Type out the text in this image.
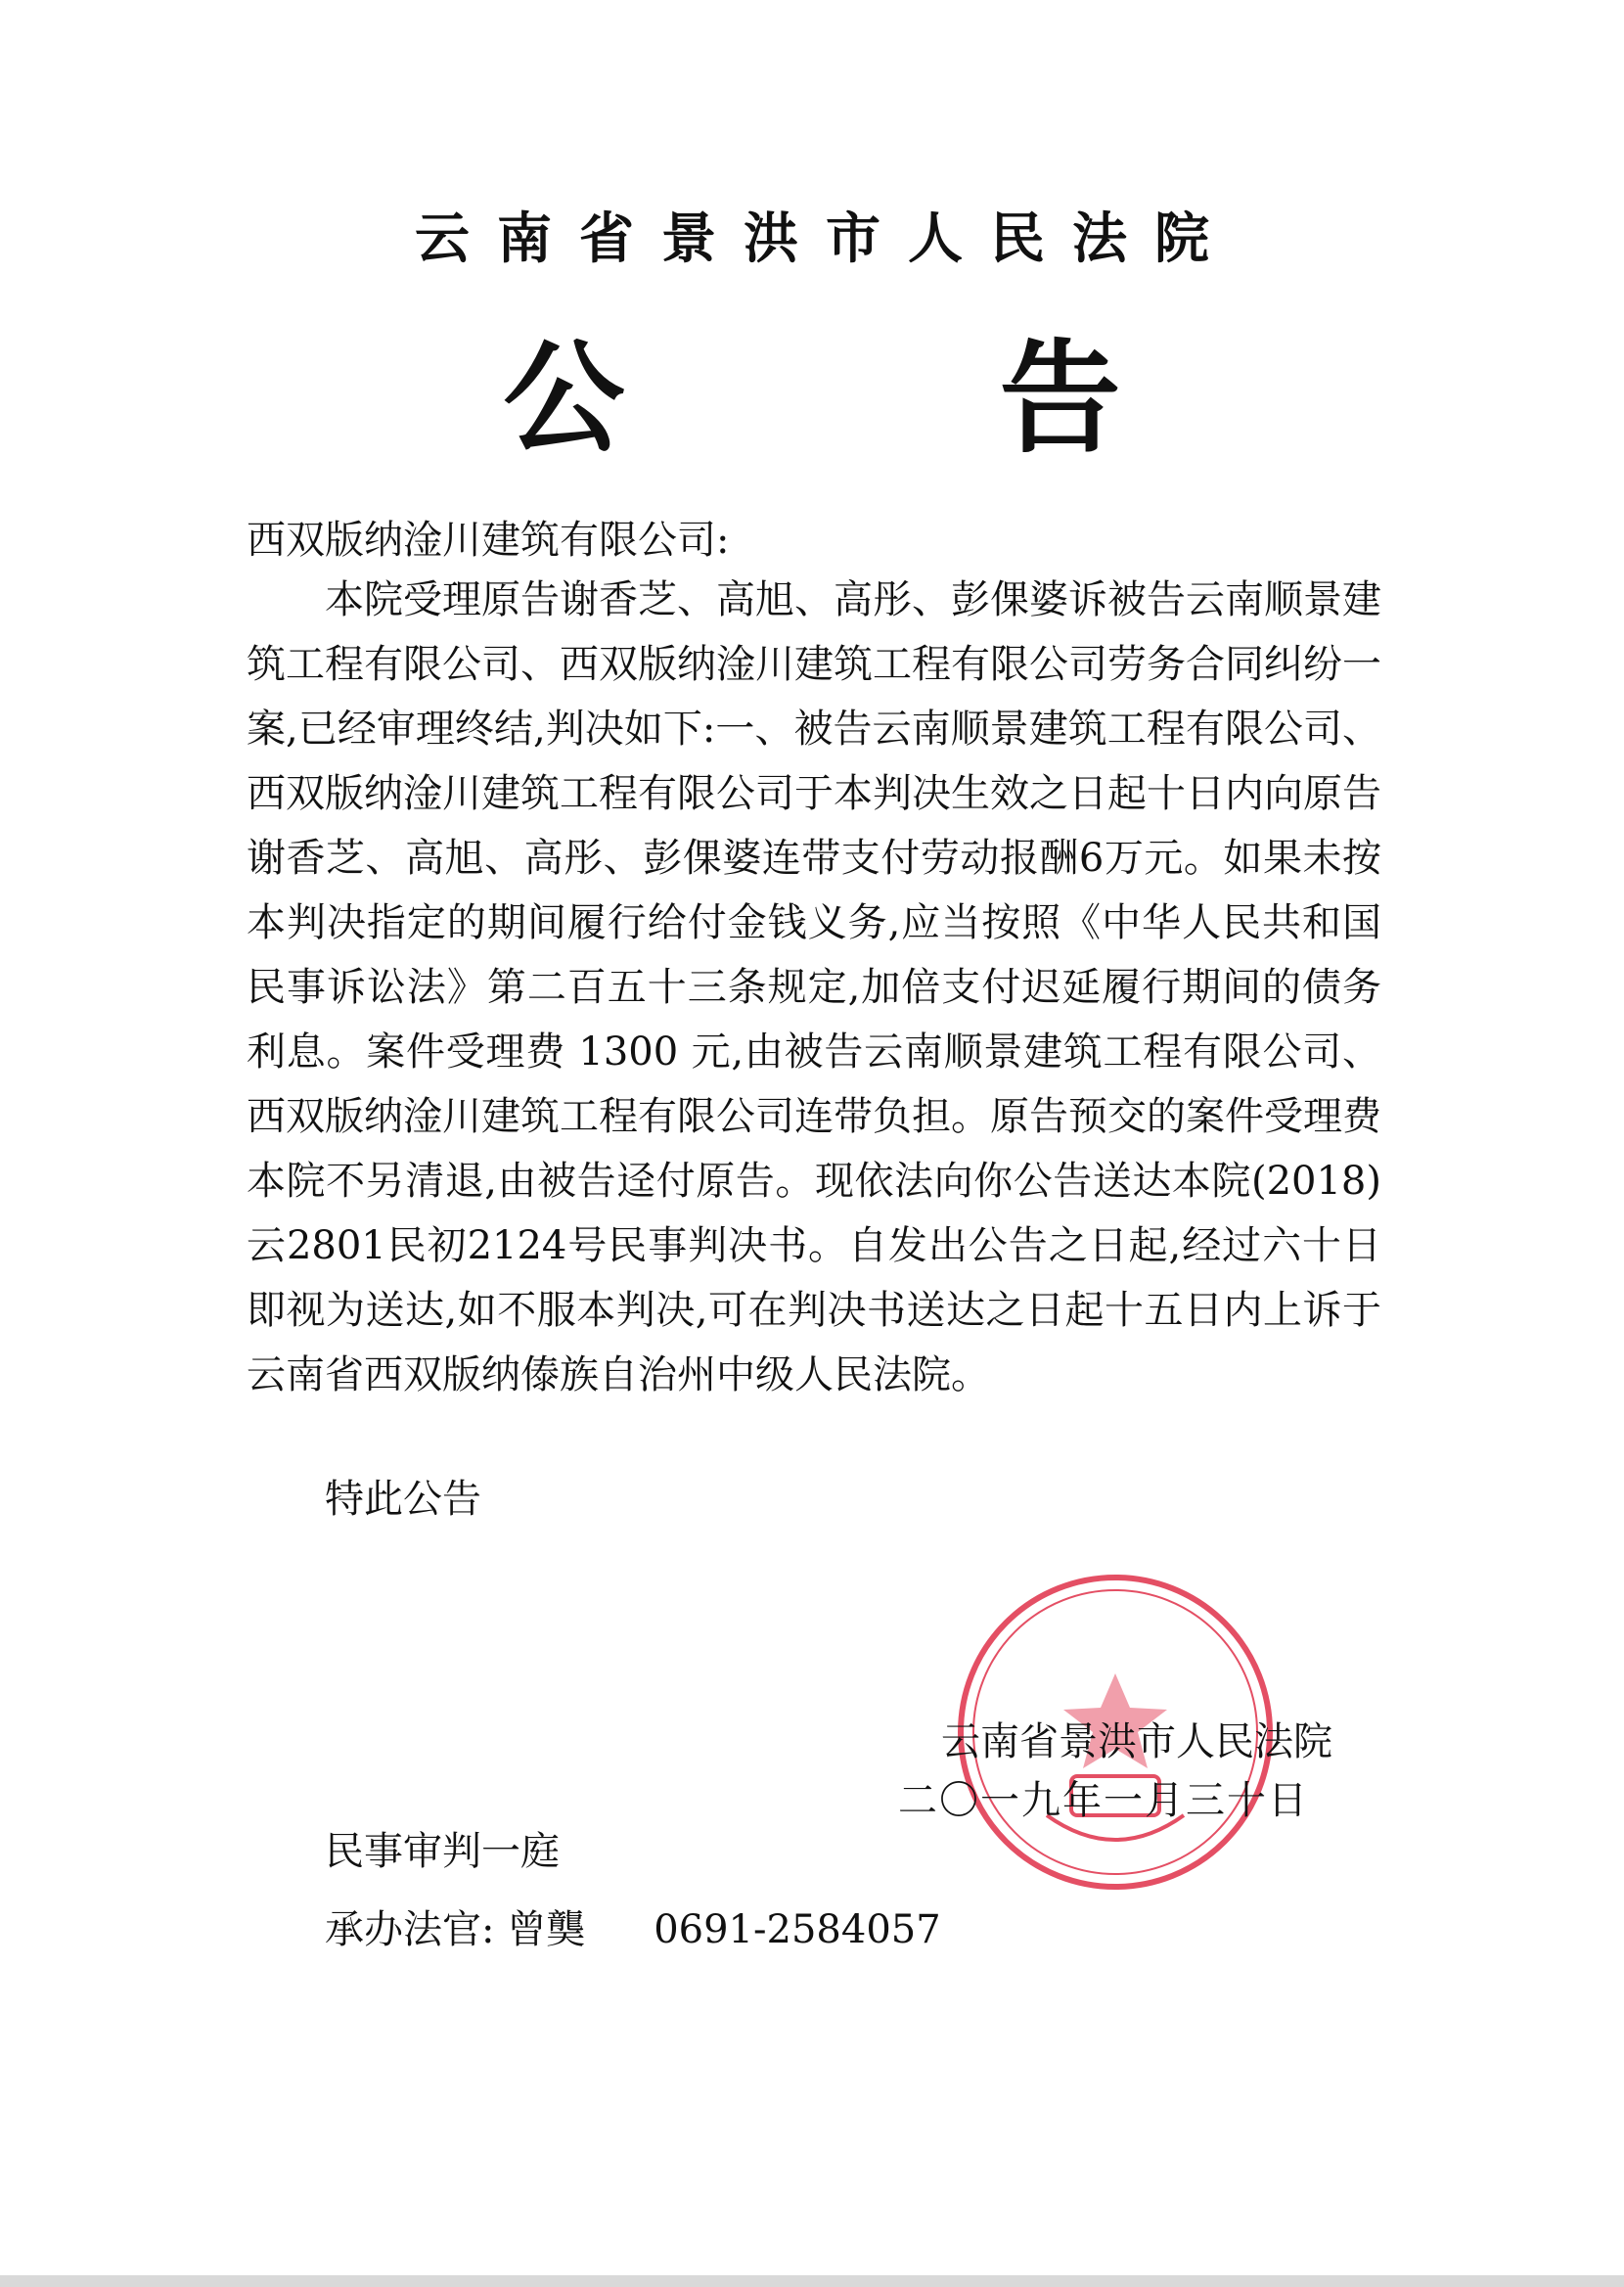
云南省景洪市人民法院
公 告
西双版纳淦川建筑有限公司:

本院受理原告谢香芝、高旭、高彤、彭倮婆诉被告云南顺景建筑工程有限公司、西双版纳淦川建筑工程有限公司劳务合同纠纷一案,已经审理终结,判决如下:一、被告云南顺景建筑工程有限公司、西双版纳淦川建筑工程有限公司于本判决生效之日起十日内向原告谢香芝、高旭、高彤、彭倮婆连带支付劳动报酬6万元。如果未按本判决指定的期间履行给付金钱义务,应当按照《中华人民共和国民事诉讼法》第二百五十三条规定,加倍支付迟延履行期间的债务利息。案件受理费 1300 元,由被告云南顺景建筑工程有限公司、西双版纳淦川建筑工程有限公司连带负担。原告预交的案件受理费本院不另清退,由被告迳付原告。现依法向你公告送达本院(2018)云2801民初2124号民事判决书。自发出公告之日起,经过六十日即视为送达,如不服本判决,可在判决书送达之日起十五日内上诉于云南省西双版纳傣族自治州中级人民法院。

特此公告
云南省景洪市人民法院
二〇一九年一月三十日
民事审判一庭
承办法官: 曾龑 0691-2584057
